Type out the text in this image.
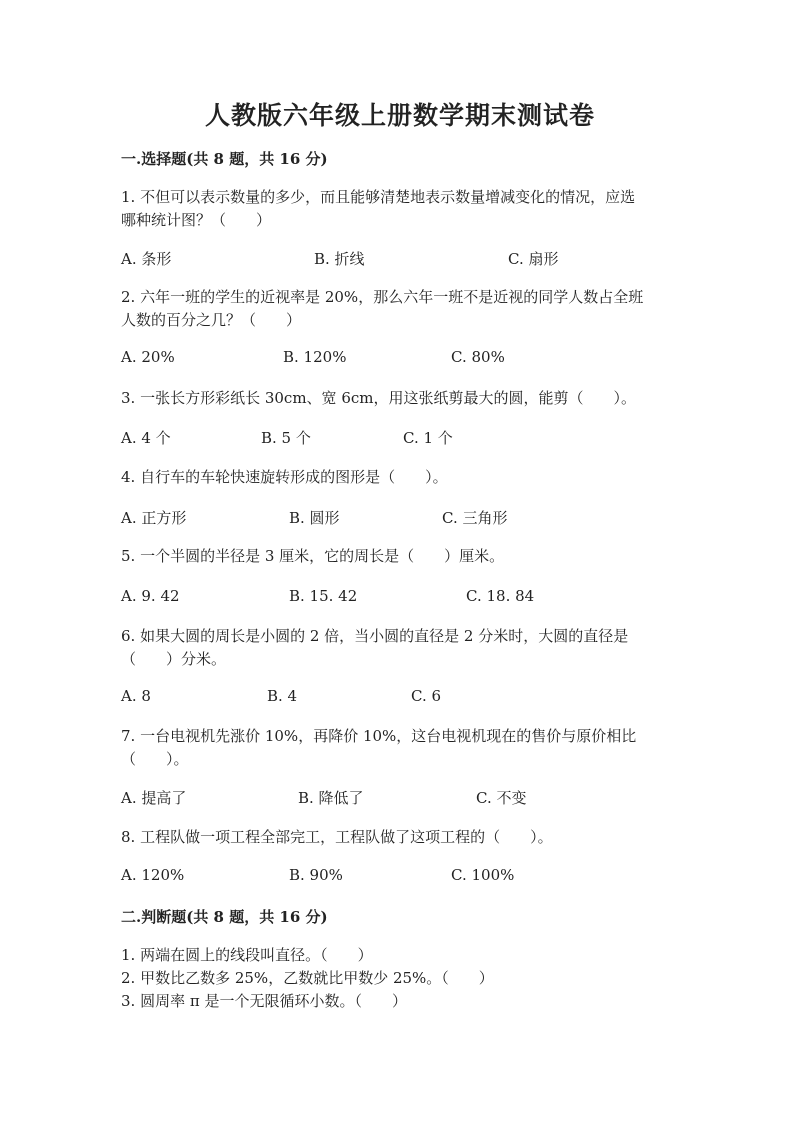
人教版六年级上册数学期末测试卷
一.选择题(共 8 题，共 16 分)
1. 不但可以表示数量的多少，而且能够清楚地表示数量增减变化的情况，应选
哪种统计图？（　　）
A. 条形	B. 折线	C. 扇形
2. 六年一班的学生的近视率是 20%，那么六年一班不是近视的同学人数占全班
人数的百分之几？（　　）
A. 20%	B. 120%	C. 80%
3. 一张长方形彩纸长 30cm、宽 6cm，用这张纸剪最大的圆，能剪（　　）。
A. 4 个	B. 5 个	C. 1 个
4. 自行车的车轮快速旋转形成的图形是（　　）。
A. 正方形	B. 圆形	C. 三角形
5. 一个半圆的半径是 3 厘米，它的周长是（　　）厘米。
A. 9. 42	B. 15. 42	C. 18. 84
6. 如果大圆的周长是小圆的 2 倍，当小圆的直径是 2 分米时，大圆的直径是
（　　）分米。
A. 8	B. 4	C. 6
7. 一台电视机先涨价 10%，再降价 10%，这台电视机现在的售价与原价相比
（　　）。
A. 提高了	B. 降低了	C. 不变
8. 工程队做一项工程全部完工，工程队做了这项工程的（　　）。
A. 120%	B. 90%	C. 100%
二.判断题(共 8 题，共 16 分)
1. 两端在圆上的线段叫直径。（　　）
2. 甲数比乙数多 25%，乙数就比甲数少 25%。（　　）
3. 圆周率 π 是一个无限循环小数。（　　）
